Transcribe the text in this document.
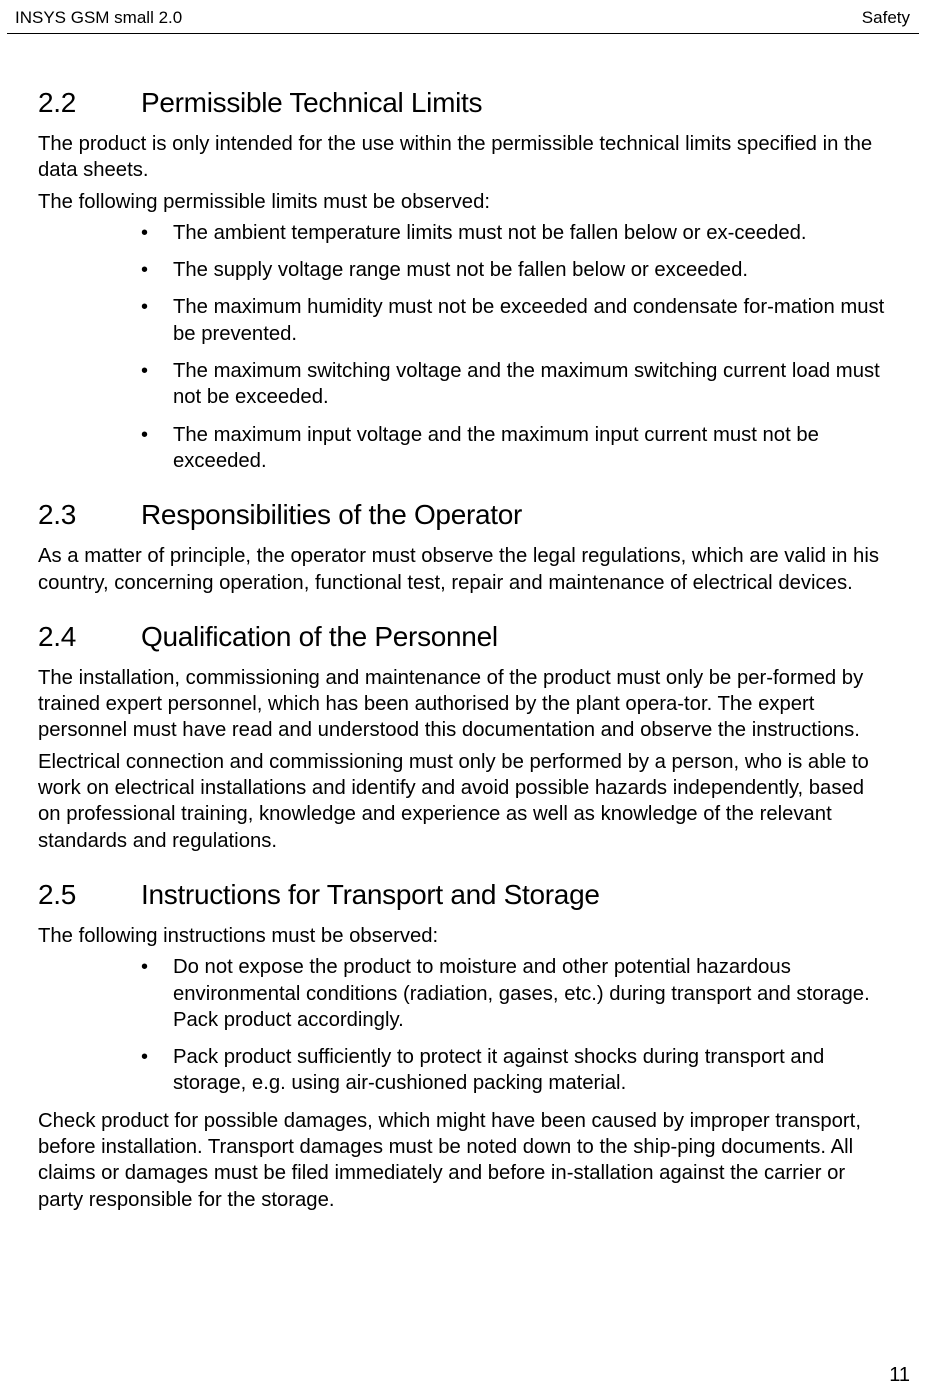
INSYS GSM small 2.0	Safety
2.2	Permissible Technical Limits

The product is only intended for the use within the permissible technical limits specified in the data sheets.

The following permissible limits must be observed:

• The ambient temperature limits must not be fallen below or ex-ceeded.
• The supply voltage range must not be fallen below or exceeded.
• The maximum humidity must not be exceeded and condensate for-mation must be prevented.
• The maximum switching voltage and the maximum switching current load must not be exceeded.
• The maximum input voltage and the maximum input current must not be exceeded.
2.3	Responsibilities of the Operator

As a matter of principle, the operator must observe the legal regulations, which are valid in his country, concerning operation, functional test, repair and maintenance of electrical devices.

2.4	Qualification of the Personnel

The installation, commissioning and maintenance of the product must only be per-formed by trained expert personnel, which has been authorised by the plant opera-tor. The expert personnel must have read and understood this documentation and observe the instructions.

Electrical connection and commissioning must only be performed by a person, who is able to work on electrical installations and identify and avoid possible hazards independently, based on professional training, knowledge and experience as well as knowledge of the relevant standards and regulations.

2.5	Instructions for Transport and Storage

The following instructions must be observed:

• Do not expose the product to moisture and other potential hazardous environmental conditions (radiation, gases, etc.) during transport and storage. Pack product accordingly.
• Pack product sufficiently to protect it against shocks during transport and storage, e.g. using air-cushioned packing material.

Check product for possible damages, which might have been caused by improper transport, before installation. Transport damages must be noted down to the ship-ping documents. All claims or damages must be filed immediately and before in-stallation against the carrier or party responsible for the storage.

11
